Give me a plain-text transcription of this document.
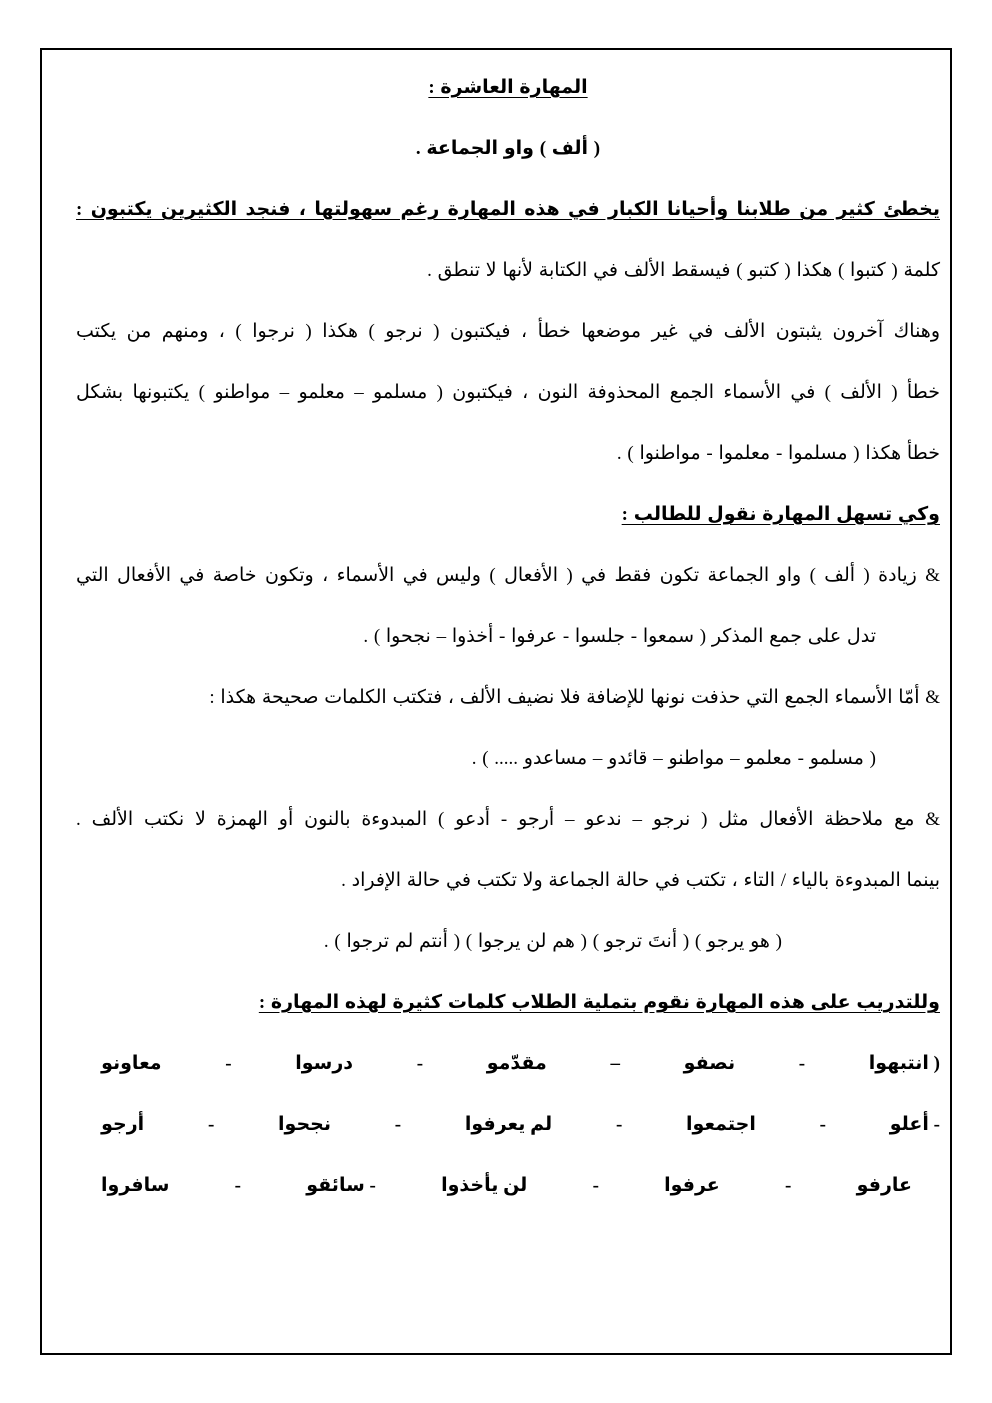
المهارة العاشرة :
( ألف ) واو الجماعة .
يخطئ كثير من طلابنا وأحيانا الكبار في هذه المهارة رغم سهولتها ، فنجد الكثيرين يكتبون :
كلمة ( كتبوا ) هكذا ( كتبو ) فيسقط الألف في الكتابة لأنها لا تنطق .
وهناك آخرون يثبتون الألف في غير موضعها خطأ ، فيكتبون ( نرجو ) هكذا ( نرجوا ) ، ومنهم من يكتب
خطأ ( الألف ) في الأسماء الجمع المحذوفة النون ، فيكتبون ( مسلمو – معلمو – مواطنو ) يكتبونها بشكل
خطأ هكذا ( مسلموا - معلموا - مواطنوا ) .
وكي تسهل المهارة نقول للطالب :
& زيادة ( ألف ) واو الجماعة تكون فقط في ( الأفعال ) وليس في الأسماء ، وتكون خاصة في الأفعال التي
تدل على جمع المذكر ( سمعوا - جلسوا - عرفوا - أخذوا – نجحوا ) .
& أمّا الأسماء الجمع التي حذفت نونها للإضافة فلا نضيف الألف ، فتكتب الكلمات صحيحة هكذا :
( مسلمو - معلمو – مواطنو – قائدو – مساعدو ..... ) .
& مع ملاحظة الأفعال مثل ( نرجو – ندعو – أرجو - أدعو ) المبدوءة بالنون أو الهمزة لا نكتب الألف .
بينما المبدوءة بالياء / التاء ، تكتب في حالة الجماعة ولا تكتب في حالة الإفراد .
( هو يرجو ) ( أنتَ ترجو ) ( هم لن يرجوا ) ( أنتم لم ترجوا ) .
وللتدريب على هذه المهارة نقوم بتملية الطلاب كلمات كثيرة لهذه المهارة :
( انتبهوا
-
نصفو
–
مقدّمو
-
درسوا
-
معاونو
- أعلو
-
اجتمعوا
-
لم يعرفوا
-
نجحوا
-
أرجو
عارفو
-
عرفوا
-
لن يأخذوا
- سائقو
-
سافروا
